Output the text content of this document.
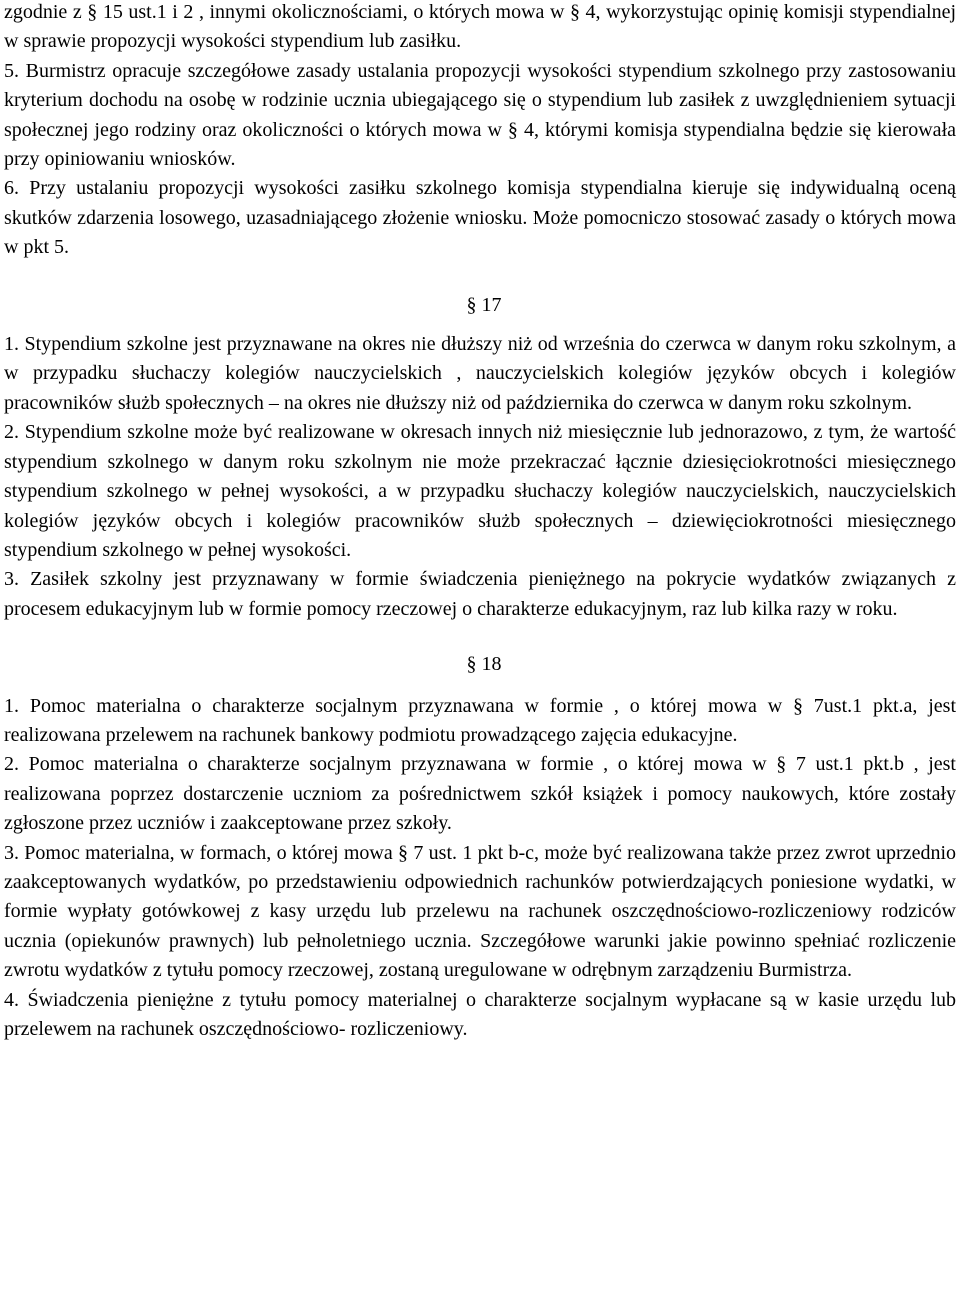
zgodnie z § 15 ust.1 i 2 , innymi okolicznościami, o których mowa w § 4, wykorzystując opinię komisji stypendialnej w sprawie propozycji wysokości stypendium lub zasiłku.

5. Burmistrz opracuje szczegółowe zasady ustalania propozycji wysokości stypendium szkolnego przy zastosowaniu kryterium dochodu na osobę w rodzinie ucznia ubiegającego się o stypendium lub zasiłek z uwzględnieniem sytuacji społecznej jego rodziny oraz okoliczności o których mowa w § 4, którymi komisja stypendialna będzie się kierowała przy opiniowaniu wniosków.

6. Przy ustalaniu propozycji wysokości zasiłku szkolnego komisja stypendialna kieruje się indywidualną oceną skutków zdarzenia losowego, uzasadniającego złożenie wniosku. Może pomocniczo stosować zasady o których mowa w pkt 5.

§ 17

1. Stypendium szkolne jest przyznawane na okres nie dłuższy niż od września do czerwca w danym roku szkolnym, a w przypadku słuchaczy kolegiów nauczycielskich , nauczycielskich kolegiów języków obcych i kolegiów pracowników służb społecznych – na okres nie dłuższy niż od października do czerwca w danym roku szkolnym.

2. Stypendium szkolne może być realizowane w okresach innych niż miesięcznie lub jednorazowo, z tym, że wartość stypendium szkolnego w danym roku szkolnym nie może przekraczać łącznie dziesięciokrotności miesięcznego stypendium szkolnego w pełnej wysokości, a w przypadku słuchaczy kolegiów nauczycielskich, nauczycielskich kolegiów języków obcych i kolegiów pracowników służb społecznych – dziewięciokrotności miesięcznego stypendium szkolnego w pełnej wysokości.

3. Zasiłek szkolny jest przyznawany w formie świadczenia pieniężnego na pokrycie wydatków związanych z procesem edukacyjnym lub w formie pomocy rzeczowej o charakterze edukacyjnym, raz lub kilka razy w roku.

§ 18

1. Pomoc materialna o charakterze socjalnym przyznawana w formie , o której mowa w § 7ust.1 pkt.a, jest realizowana przelewem na rachunek bankowy podmiotu prowadzącego zajęcia edukacyjne.

2. Pomoc materialna o charakterze socjalnym przyznawana w formie , o której mowa w § 7 ust.1 pkt.b , jest realizowana poprzez dostarczenie uczniom za pośrednictwem szkół książek i pomocy naukowych, które zostały zgłoszone przez uczniów i zaakceptowane przez szkoły.

3. Pomoc materialna, w formach, o której mowa § 7 ust. 1 pkt b-c, może być realizowana także przez zwrot uprzednio zaakceptowanych wydatków, po przedstawieniu odpowiednich rachunków potwierdzających poniesione wydatki, w formie wypłaty gotówkowej z kasy urzędu lub przelewu na rachunek oszczędnościowo-rozliczeniowy rodziców ucznia (opiekunów prawnych) lub pełnoletniego ucznia. Szczegółowe warunki jakie powinno spełniać rozliczenie zwrotu wydatków z tytułu pomocy rzeczowej, zostaną uregulowane w odrębnym zarządzeniu Burmistrza.

4. Świadczenia pieniężne z tytułu pomocy materialnej o charakterze socjalnym wypłacane są w kasie urzędu lub przelewem na rachunek oszczędnościowo- rozliczeniowy.
